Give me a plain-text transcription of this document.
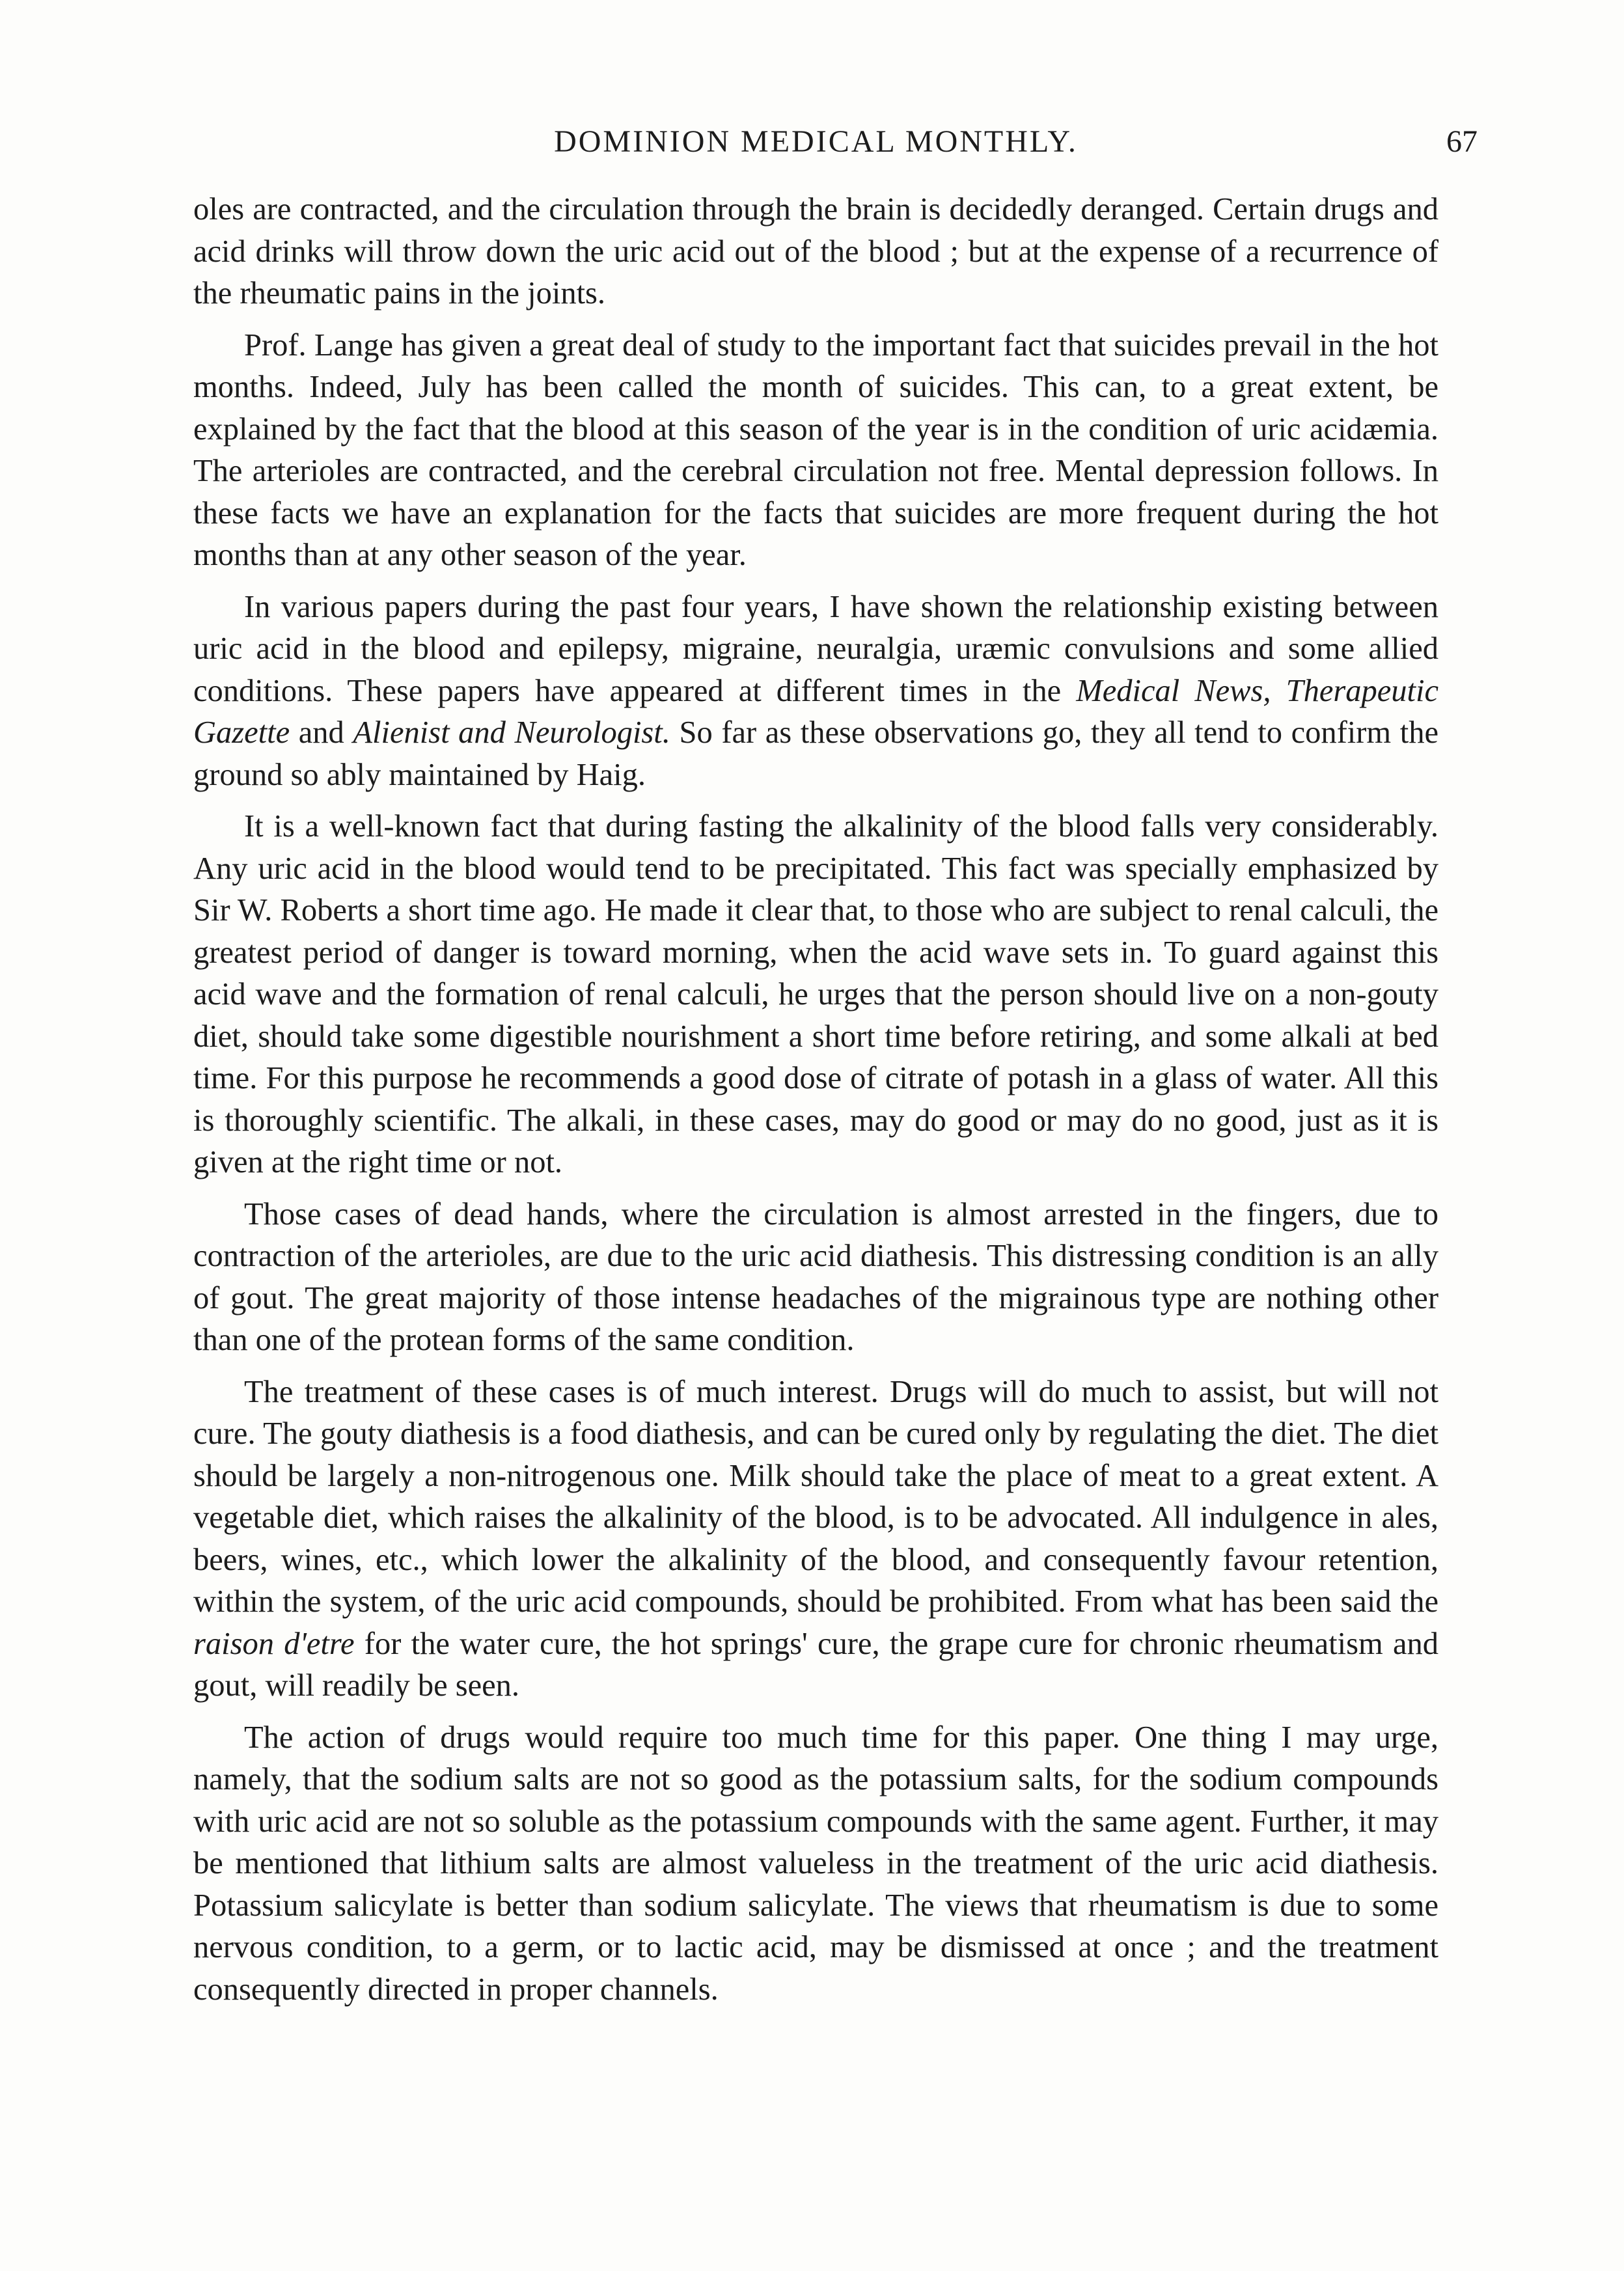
DOMINION MEDICAL MONTHLY.	67

oles are contracted, and the circulation through the brain is decidedly deranged. Certain drugs and acid drinks will throw down the uric acid out of the blood ; but at the expense of a recurrence of the rheumatic pains in the joints.

Prof. Lange has given a great deal of study to the important fact that suicides prevail in the hot months. Indeed, July has been called the month of suicides. This can, to a great extent, be explained by the fact that the blood at this season of the year is in the condition of uric acidæmia. The arterioles are contracted, and the cerebral circulation not free. Mental depression follows. In these facts we have an explanation for the facts that suicides are more frequent during the hot months than at any other season of the year.

In various papers during the past four years, I have shown the relationship existing between uric acid in the blood and epilepsy, migraine, neuralgia, uræmic convulsions and some allied conditions. These papers have appeared at different times in the Medical News, Therapeutic Gazette and Alienist and Neurologist. So far as these observations go, they all tend to confirm the ground so ably maintained by Haig.

It is a well-known fact that during fasting the alkalinity of the blood falls very considerably. Any uric acid in the blood would tend to be precipitated. This fact was specially emphasized by Sir W. Roberts a short time ago. He made it clear that, to those who are subject to renal calculi, the greatest period of danger is toward morning, when the acid wave sets in. To guard against this acid wave and the formation of renal calculi, he urges that the person should live on a non-gouty diet, should take some digestible nourishment a short time before retiring, and some alkali at bed time. For this purpose he recommends a good dose of citrate of potash in a glass of water. All this is thoroughly scientific. The alkali, in these cases, may do good or may do no good, just as it is given at the right time or not.

Those cases of dead hands, where the circulation is almost arrested in the fingers, due to contraction of the arterioles, are due to the uric acid diathesis. This distressing condition is an ally of gout. The great majority of those intense headaches of the migrainous type are nothing other than one of the protean forms of the same condition.

The treatment of these cases is of much interest. Drugs will do much to assist, but will not cure. The gouty diathesis is a food diathesis, and can be cured only by regulating the diet. The diet should be largely a non-nitrogenous one. Milk should take the place of meat to a great extent. A vegetable diet, which raises the alkalinity of the blood, is to be advocated. All indulgence in ales, beers, wines, etc., which lower the alkalinity of the blood, and consequently favour retention, within the system, of the uric acid compounds, should be prohibited. From what has been said the raison d'etre for the water cure, the hot springs' cure, the grape cure for chronic rheumatism and gout, will readily be seen.

The action of drugs would require too much time for this paper. One thing I may urge, namely, that the sodium salts are not so good as the potassium salts, for the sodium compounds with uric acid are not so soluble as the potassium compounds with the same agent. Further, it may be mentioned that lithium salts are almost valueless in the treatment of the uric acid diathesis. Potassium salicylate is better than sodium salicylate. The views that rheumatism is due to some nervous condition, to a germ, or to lactic acid, may be dismissed at once ; and the treatment consequently directed in proper channels.
